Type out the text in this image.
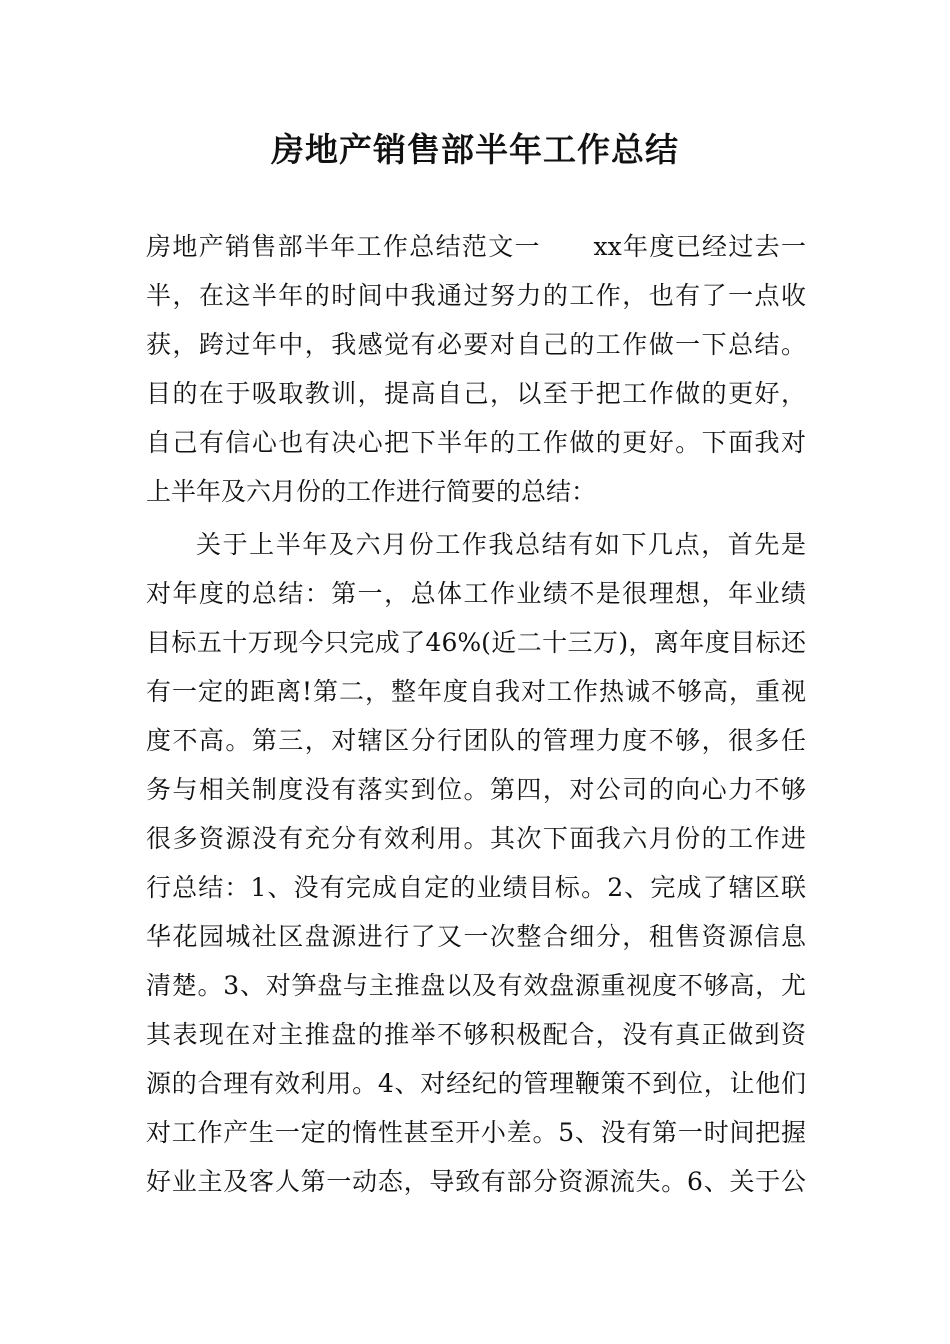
房地产销售部半年工作总结
房地产销售部半年工作总结范文一　　xx年度已经过去一
半，在这半年的时间中我通过努力的工作，也有了一点收
获，跨过年中，我感觉有必要对自己的工作做一下总结。
目的在于吸取教训，提高自己，以至于把工作做的更好，
自己有信心也有决心把下半年的工作做的更好。下面我对
上半年及六月份的工作进行简要的总结：
关于上半年及六月份工作我总结有如下几点，首先是
对年度的总结：第一，总体工作业绩不是很理想，年业绩
目标五十万现今只完成了46%(近二十三万)，离年度目标还
有一定的距离!第二，整年度自我对工作热诚不够高，重视
度不高。第三，对辖区分行团队的管理力度不够，很多任
务与相关制度没有落实到位。第四，对公司的向心力不够
很多资源没有充分有效利用。其次下面我六月份的工作进
行总结：1、没有完成自定的业绩目标。2、完成了辖区联
华花园城社区盘源进行了又一次整合细分，租售资源信息
清楚。3、对笋盘与主推盘以及有效盘源重视度不够高，尤
其表现在对主推盘的推举不够积极配合，没有真正做到资
源的合理有效利用。4、对经纪的管理鞭策不到位，让他们
对工作产生一定的惰性甚至开小差。5、没有第一时间把握
好业主及客人第一动态，导致有部分资源流失。6、关于公
